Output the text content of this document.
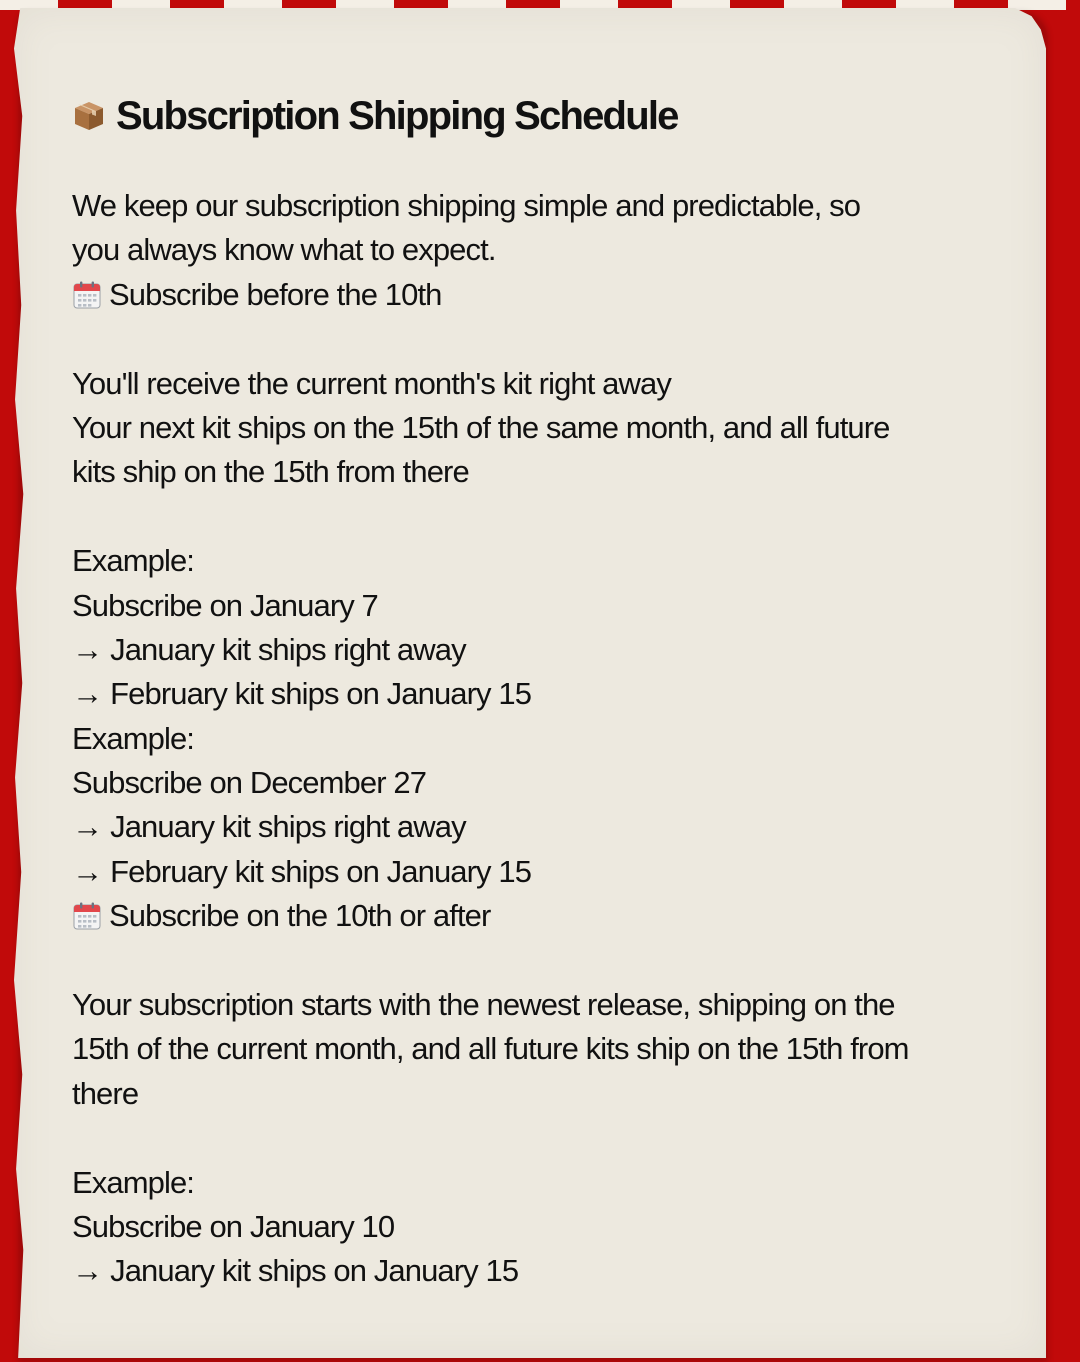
Subscription Shipping Schedule
We keep our subscription shipping simple and predictable, so
you always know what to expect.
Subscribe before the 10th
You'll receive the current month's kit right away
Your next kit ships on the 15th of the same month, and all future
kits ship on the 15th from there
Example:
Subscribe on January 7
→ January kit ships right away
→ February kit ships on January 15
Example:
Subscribe on December 27
→ January kit ships right away
→ February kit ships on January 15
Subscribe on the 10th or after
Your subscription starts with the newest release, shipping on the
15th of the current month, and all future kits ship on the 15th from
there
Example:
Subscribe on January 10
→ January kit ships on January 15
